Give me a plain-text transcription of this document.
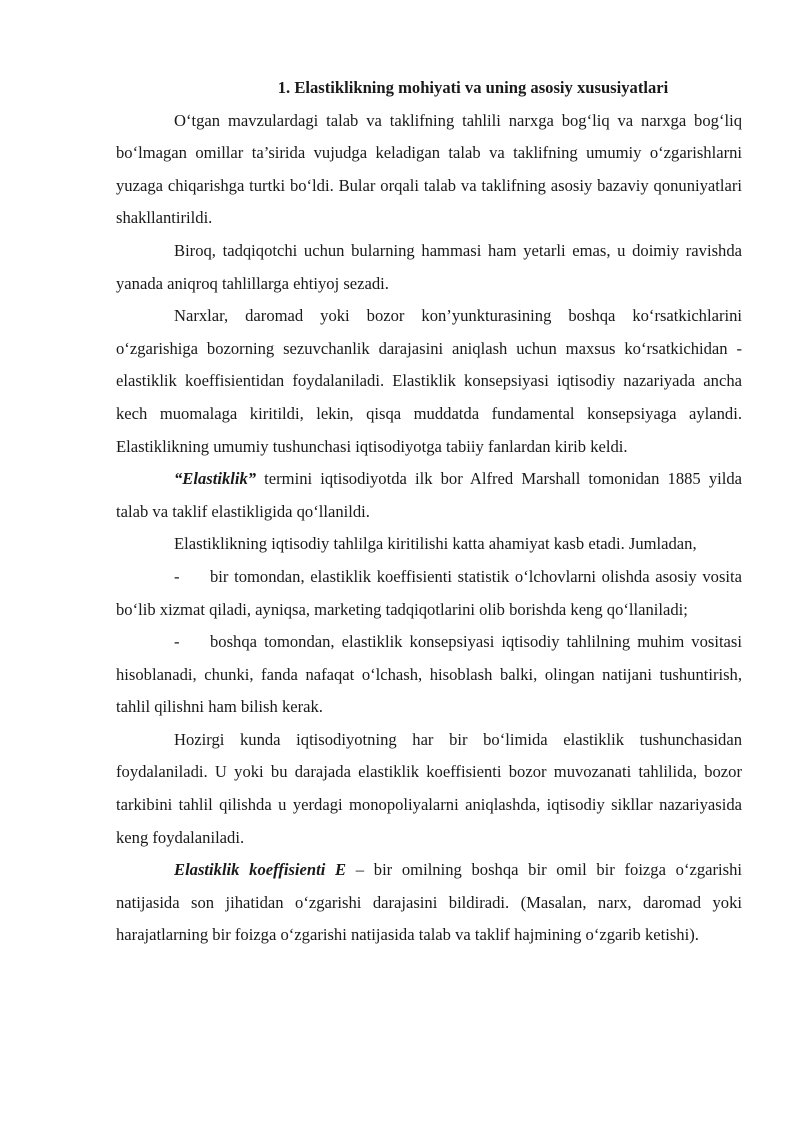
1. Elastiklikning mohiyati va uning asosiy xususiyatlari

O‘tgan mavzulardagi talab va taklifning tahlili narxga bog‘liq va narxga bog‘liq bo‘lmagan omillar ta’sirida vujudga keladigan talab va taklifning umumiy o‘zgarishlarni yuzaga chiqarishga turtki bo‘ldi. Bular orqali talab va taklifning asosiy bazaviy qonuniyatlari shakllantirildi.

Biroq, tadqiqotchi uchun bularning hammasi ham yetarli emas, u doimiy ravishda yanada aniqroq tahlillarga ehtiyoj sezadi.

Narxlar, daromad yoki bozor kon’yunkturasining boshqa ko‘rsatkichlarini o‘zgarishiga bozorning sezuvchanlik darajasini aniqlash uchun maxsus ko‘rsatkichidan - elastiklik koeffisientidan foydalaniladi. Elastiklik konsepsiyasi iqtisodiy nazariyada ancha kech muomalaga kiritildi, lekin, qisqa muddatda fundamental konsepsiyaga aylandi. Elastiklikning umumiy tushunchasi iqtisodiyotga tabiiy fanlardan kirib keldi.

“Elastiklik” termini iqtisodiyotda ilk bor Alfred Marshall tomonidan 1885 yilda talab va taklif elastikligida qo‘llanildi.

Elastiklikning iqtisodiy tahlilga kiritilishi katta ahamiyat kasb etadi. Jumladan,

- bir tomondan, elastiklik koeffisienti statistik o‘lchovlarni olishda asosiy vosita bo‘lib xizmat qiladi, ayniqsa, marketing tadqiqotlarini olib borishda keng qo‘llaniladi;

- boshqa tomondan, elastiklik konsepsiyasi iqtisodiy tahlilning muhim vositasi hisoblanadi, chunki, fanda nafaqat o‘lchash, hisoblash balki, olingan natijani tushuntirish, tahlil qilishni ham bilish kerak.

Hozirgi kunda iqtisodiyotning har bir bo‘limida elastiklik tushunchasidan foydalaniladi. U yoki bu darajada elastiklik koeffisienti bozor muvozanati tahlilida, bozor tarkibini tahlil qilishda u yerdagi monopoliyalarni aniqlashda, iqtisodiy sikllar nazariyasida keng foydalaniladi.

Elastiklik koeffisienti E – bir omilning boshqa bir omil bir foizga o‘zgarishi natijasida son jihatidan o‘zgarishi darajasini bildiradi. (Masalan, narx, daromad yoki harajatlarning bir foizga o‘zgarishi natijasida talab va taklif hajmining o‘zgarib ketishi).
